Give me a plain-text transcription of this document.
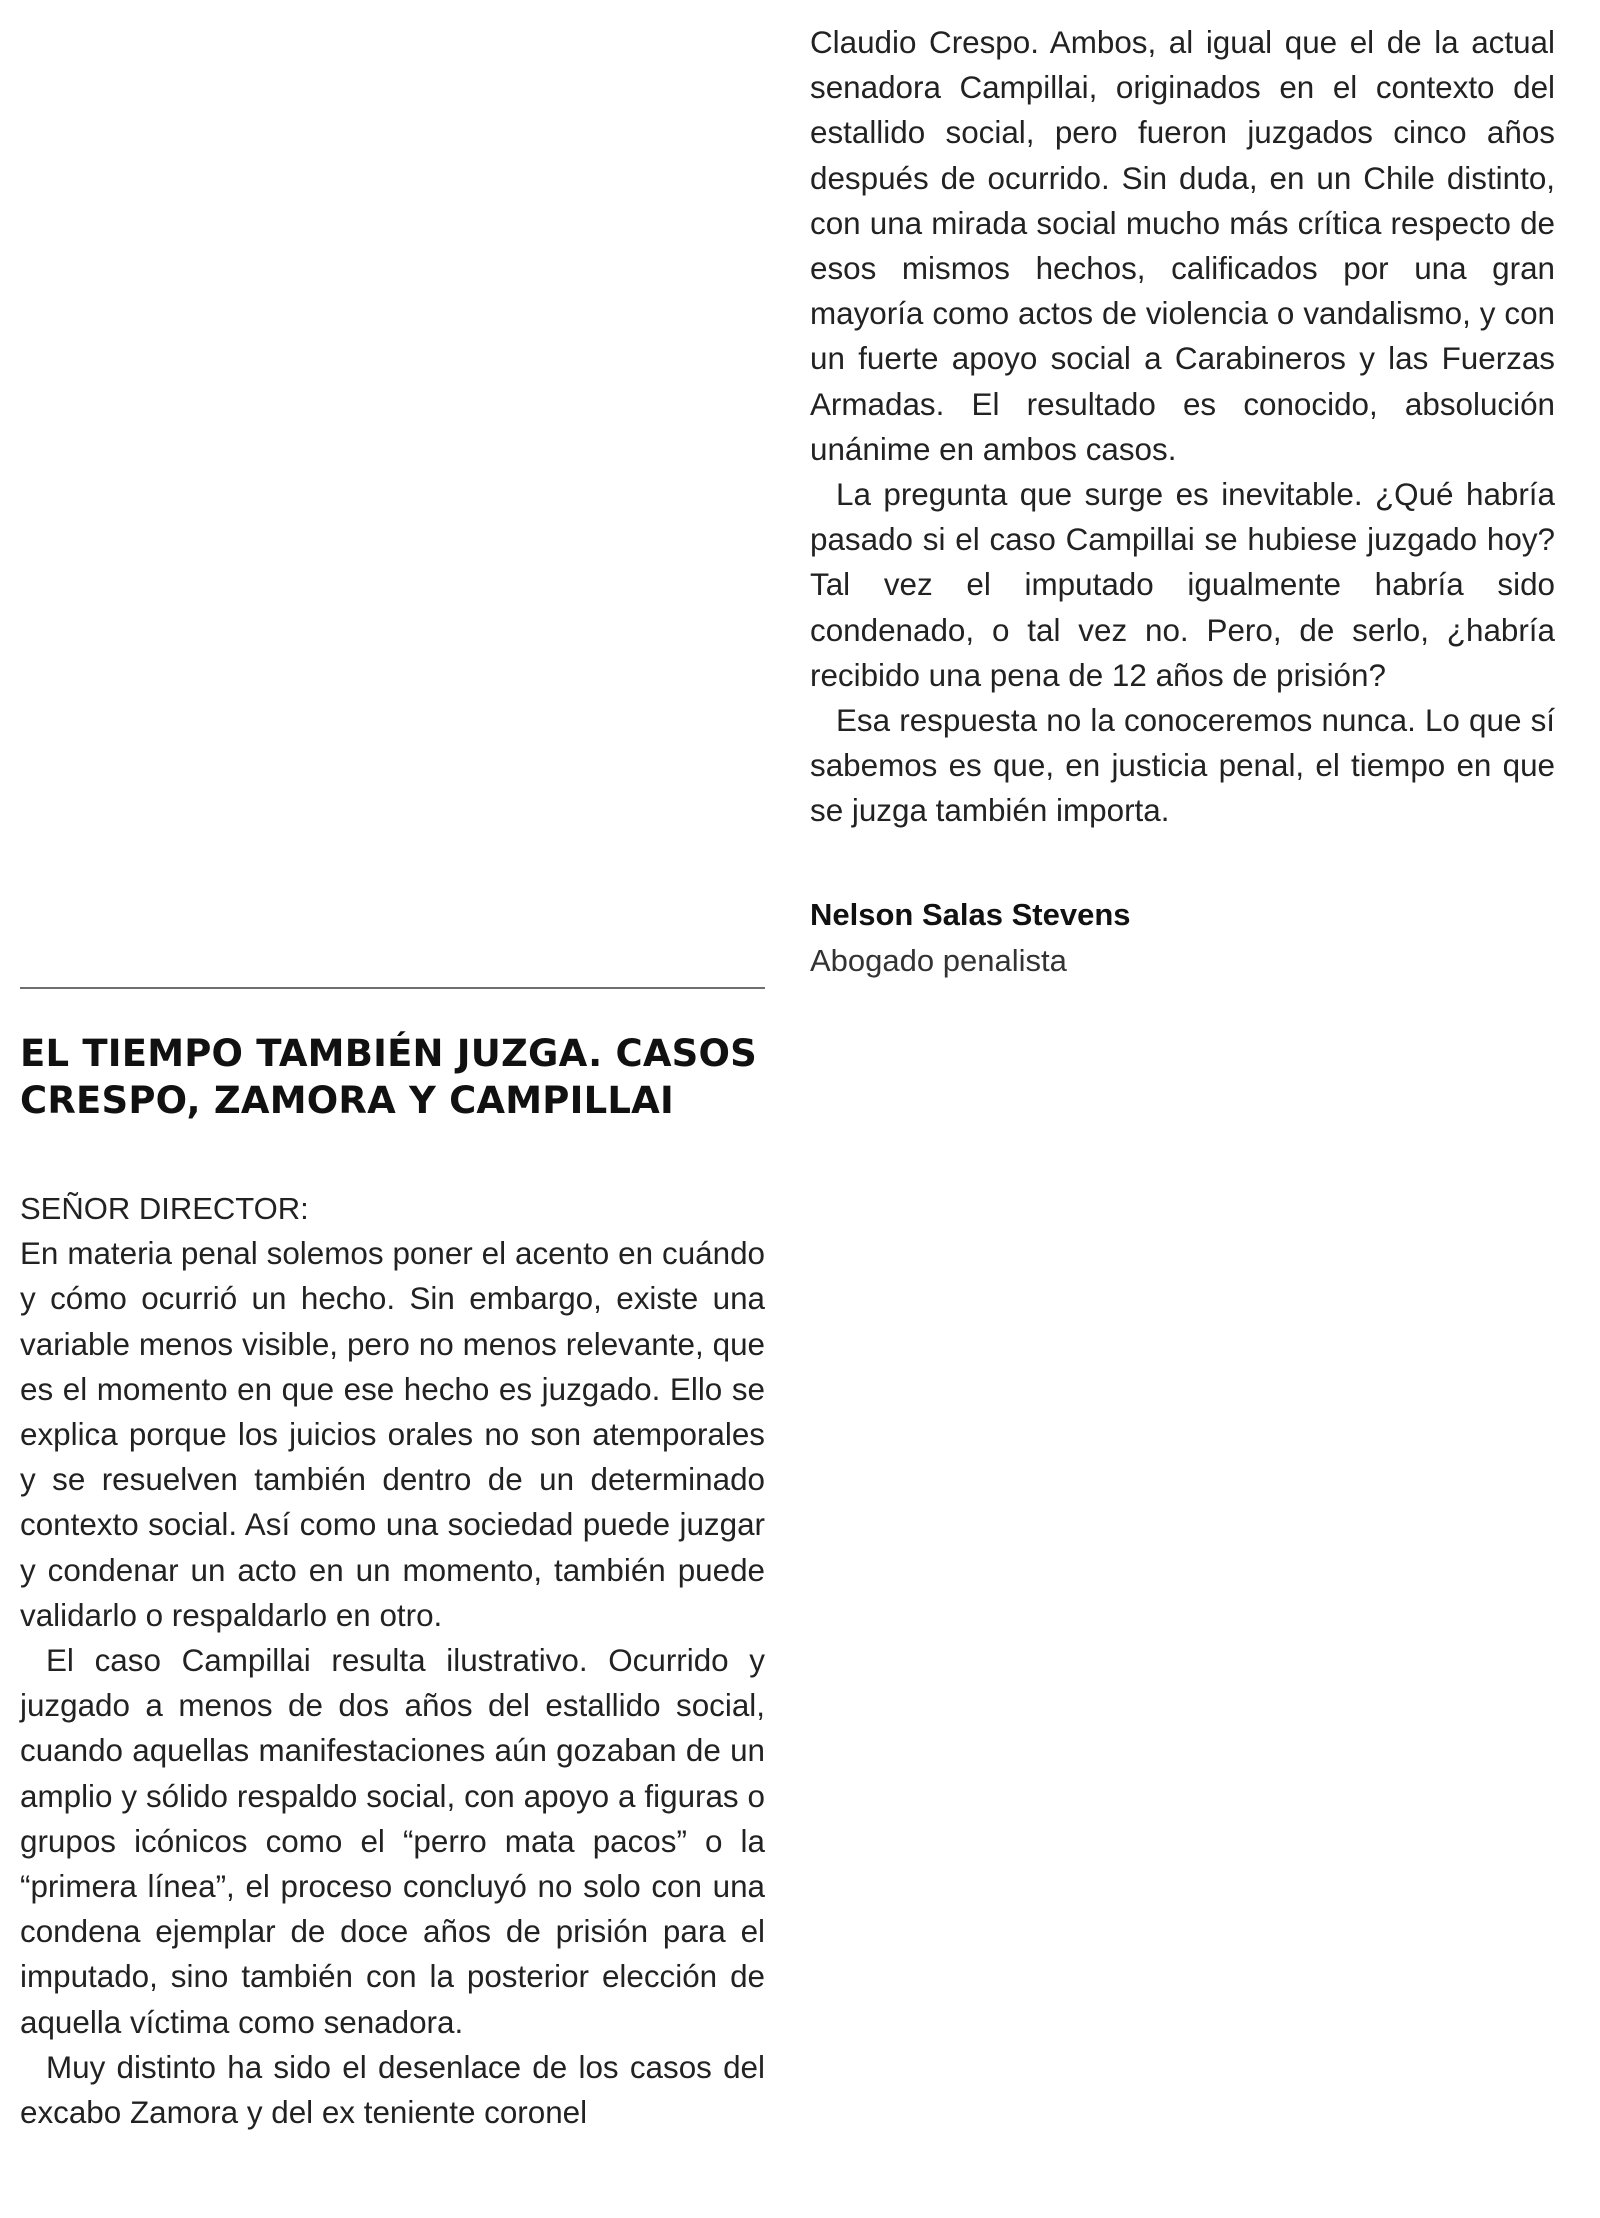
Claudio Crespo. Ambos, al igual que el de la actual senadora Campillai, originados en el contexto del estallido social, pero fueron juzgados cinco años después de ocurrido. Sin duda, en un Chile distinto, con una mirada social mucho más crítica respecto de esos mismos hechos, calificados por una gran mayoría como actos de violencia o vandalismo, y con un fuerte apoyo social a Carabineros y las Fuerzas Armadas. El resultado es conocido, absolución unánime en ambos casos.

La pregunta que surge es inevitable. ¿Qué habría pasado si el caso Campillai se hubiese juzgado hoy? Tal vez el imputado igualmente habría sido condenado, o tal vez no. Pero, de serlo, ¿habría recibido una pena de 12 años de prisión?

Esa respuesta no la conoceremos nunca. Lo que sí sabemos es que, en justicia penal, el tiempo en que se juzga también importa.

Nelson Salas Stevens
Abogado penalista
EL TIEMPO TAMBIÉN JUZGA. CASOS CRESPO, ZAMORA Y CAMPILLAI

SEÑOR DIRECTOR:

En materia penal solemos poner el acento en cuándo y cómo ocurrió un hecho. Sin embargo, existe una variable menos visible, pero no menos relevante, que es el momento en que ese hecho es juzgado. Ello se explica porque los juicios orales no son atemporales y se resuelven también dentro de un determinado contexto social. Así como una sociedad puede juzgar y condenar un acto en un momento, también puede validarlo o respaldarlo en otro.

El caso Campillai resulta ilustrativo. Ocurrido y juzgado a menos de dos años del estallido social, cuando aquellas manifestaciones aún gozaban de un amplio y sólido respaldo social, con apoyo a figuras o grupos icónicos como el “perro mata pacos” o la “primera línea”, el proceso concluyó no solo con una condena ejemplar de doce años de prisión para el imputado, sino también con la posterior elección de aquella víctima como senadora.

Muy distinto ha sido el desenlace de los casos del excabo Zamora y del ex teniente coronel
